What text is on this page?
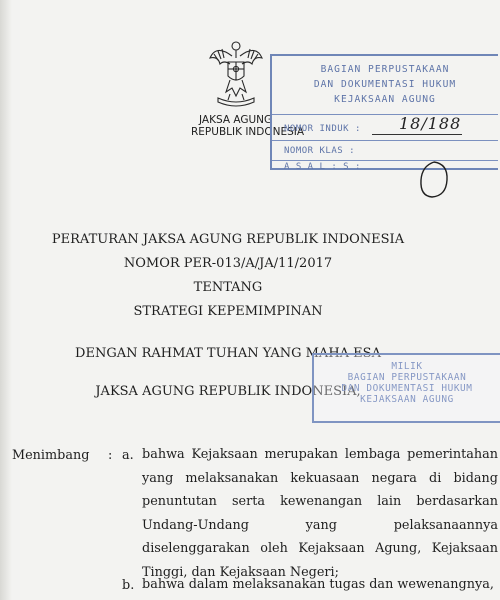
JAKSA AGUNG
REPUBLIK INDONESIA
BAGIAN PERPUSTAKAAN
DAN DOKUMENTASI HUKUM
KEJAKSAAN AGUNG
NOMOR INDUK :
NOMOR KLAS :
A S A L : S :
18/188
PERATURAN JAKSA AGUNG REPUBLIK INDONESIA
NOMOR PER-013/A/JA/11/2017
TENTANG
STRATEGI KEPEMIMPINAN
DENGAN RAHMAT TUHAN YANG MAHA ESA
JAKSA AGUNG REPUBLIK INDONESIA,
MILIK
BAGIAN PERPUSTAKAAN
DAN DOKUMENTASI HUKUM
KEJAKSAAN AGUNG
Menimbang : a. bahwa Kejaksaan merupakan lembaga pemerintahan yang melaksanakan kekuasaan negara di bidang penuntutan serta kewenangan lain berdasarkan Undang-Undang yang pelaksanaannya diselenggarakan oleh Kejaksaan Agung, Kejaksaan Tinggi, dan Kejaksaan Negeri;
b. bahwa dalam melaksanakan tugas dan wewenangnya,
